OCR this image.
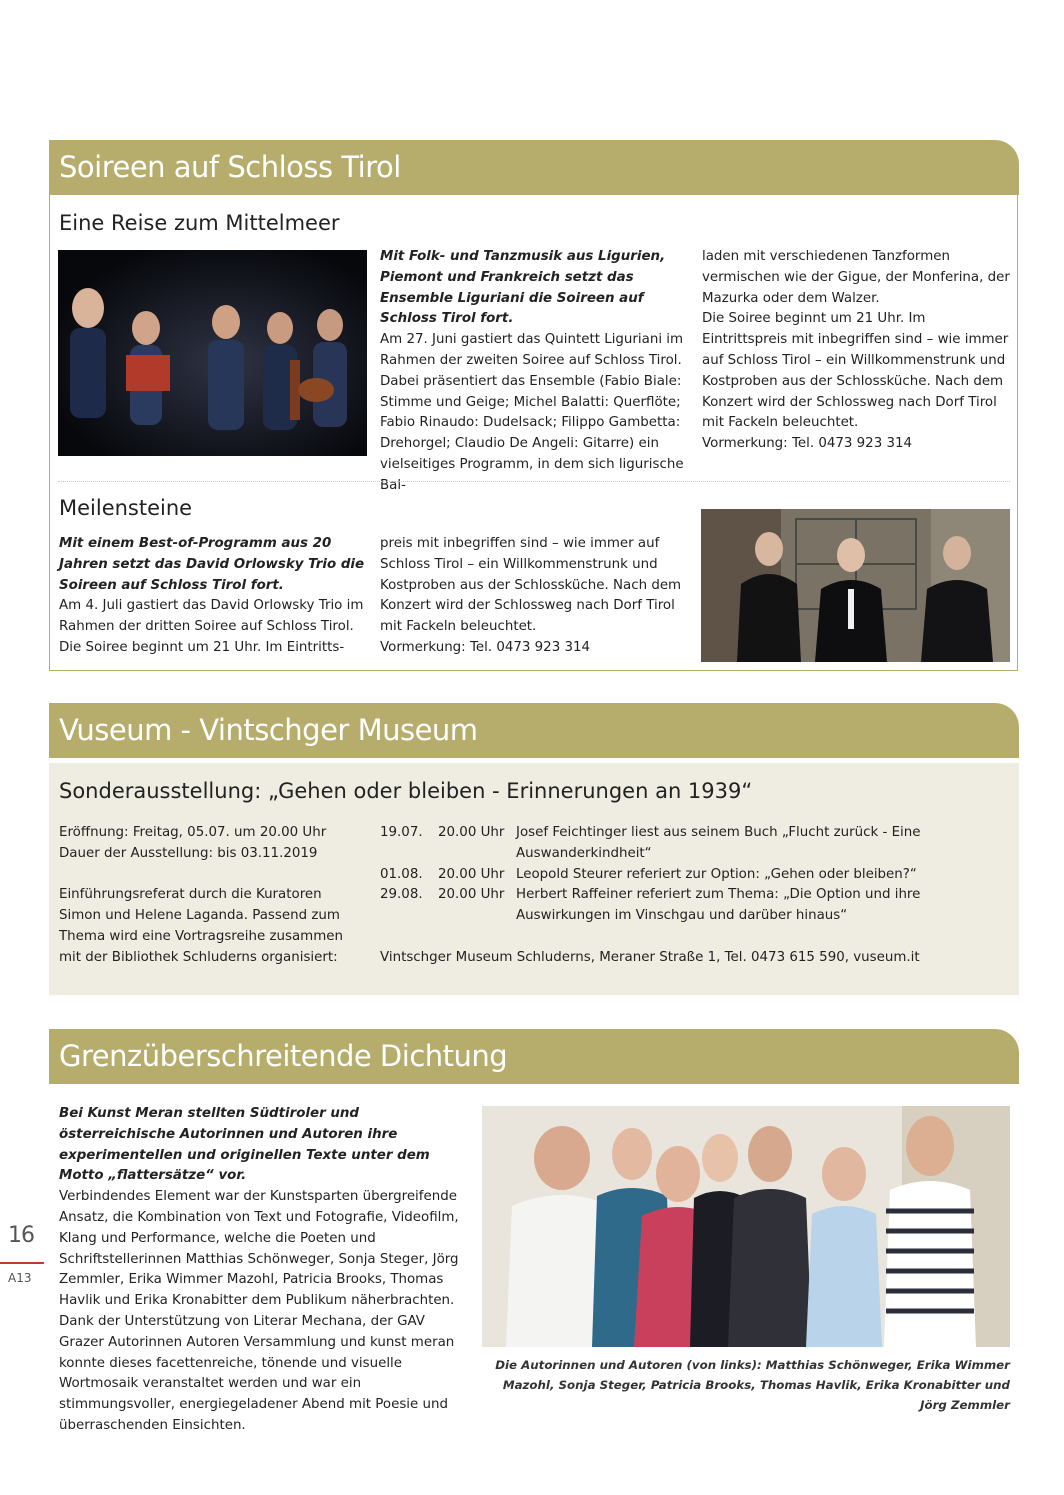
Soireen auf Schloss Tirol
Eine Reise zum Mittelmeer

Mit Folk- und Tanzmusik aus Ligurien, Piemont und Frankreich setzt das Ensemble Liguriani die Soireen auf Schloss Tirol fort.

Am 27. Juni gastiert das Quintett Liguriani im Rahmen der zweiten Soiree auf Schloss Tirol. Dabei präsentiert das Ensemble (Fabio Biale: Stimme und Geige; Michel Balatti: Querflöte; Fabio Rinaudo: Dudelsack; Filippo Gambetta: Drehorgel; Claudio De Angeli: Gitarre) ein vielseitiges Programm, in dem sich ligurische Bal-

laden mit verschiedenen Tanzformen vermischen wie der Gigue, der Monferina, der Mazurka oder dem Walzer.

Die Soiree beginnt um 21 Uhr. Im Eintrittspreis mit inbegriffen sind – wie immer auf Schloss Tirol – ein Willkommenstrunk und Kostproben aus der Schlossküche. Nach dem Konzert wird der Schlossweg nach Dorf Tirol mit Fackeln beleuchtet.

Vormerkung: Tel. 0473 923 314

Meilensteine

Mit einem Best-of-Programm aus 20 Jahren setzt das David Orlowsky Trio die Soireen auf Schloss Tirol fort.

Am 4. Juli gastiert das David Orlowsky Trio im Rahmen der dritten Soiree auf Schloss Tirol. Die Soiree beginnt um 21 Uhr. Im Eintritts-

preis mit inbegriffen sind – wie immer auf Schloss Tirol – ein Willkommenstrunk und Kostproben aus der Schlossküche. Nach dem Konzert wird der Schlossweg nach Dorf Tirol mit Fackeln beleuchtet.

Vormerkung: Tel. 0473 923 314

Vuseum - Vintschger Museum
Sonderausstellung: „Gehen oder bleiben - Erinnerungen an 1939“

Eröffnung: Freitag, 05.07. um 20.00 Uhr

Dauer der Ausstellung: bis 03.11.2019

Einführungsreferat durch die Kuratoren Simon und Helene Laganda. Passend zum Thema wird eine Vortragsreihe zusammen mit der Bibliothek Schluderns organisiert:

19.07.	20.00 Uhr	Josef Feichtinger liest aus seinem Buch „Flucht zurück - Eine Auswanderkindheit“
01.08.	20.00 Uhr	Leopold Steurer referiert zur Option: „Gehen oder bleiben?“
29.08.	20.00 Uhr	Herbert Raffeiner referiert zum Thema: „Die Option und ihre Auswirkungen im Vinschgau und darüber hinaus“

Vintschger Museum Schluderns, Meraner Straße 1, Tel. 0473 615 590, vuseum.it

Grenzüberschreitende Dichtung

Bei Kunst Meran stellten Südtiroler und österreichische Autorinnen und Autoren ihre experimentellen und originellen Texte unter dem Motto „flattersätze“ vor.

Verbindendes Element war der Kunstsparten übergreifende Ansatz, die Kombination von Text und Fotografie, Videofilm, Klang und Performance, welche die Poeten und Schriftstellerinnen Matthias Schönweger, Sonja Steger, Jörg Zemmler, Erika Wimmer Mazohl, Patricia Brooks, Thomas Havlik und Erika Kronabitter dem Publikum näherbrachten. Dank der Unterstützung von Literar Mechana, der GAV Grazer Autorinnen Autoren Versammlung und kunst meran konnte dieses facettenreiche, tönende und visuelle Wortmosaik veranstaltet werden und war ein stimmungsvoller, energiegeladener Abend mit Poesie und überraschenden Einsichten.

Die Autorinnen und Autoren (von links): Matthias Schönweger, Erika Wimmer Mazohl, Sonja Steger, Patricia Brooks, Thomas Havlik, Erika Kronabitter und Jörg Zemmler
16
A13
